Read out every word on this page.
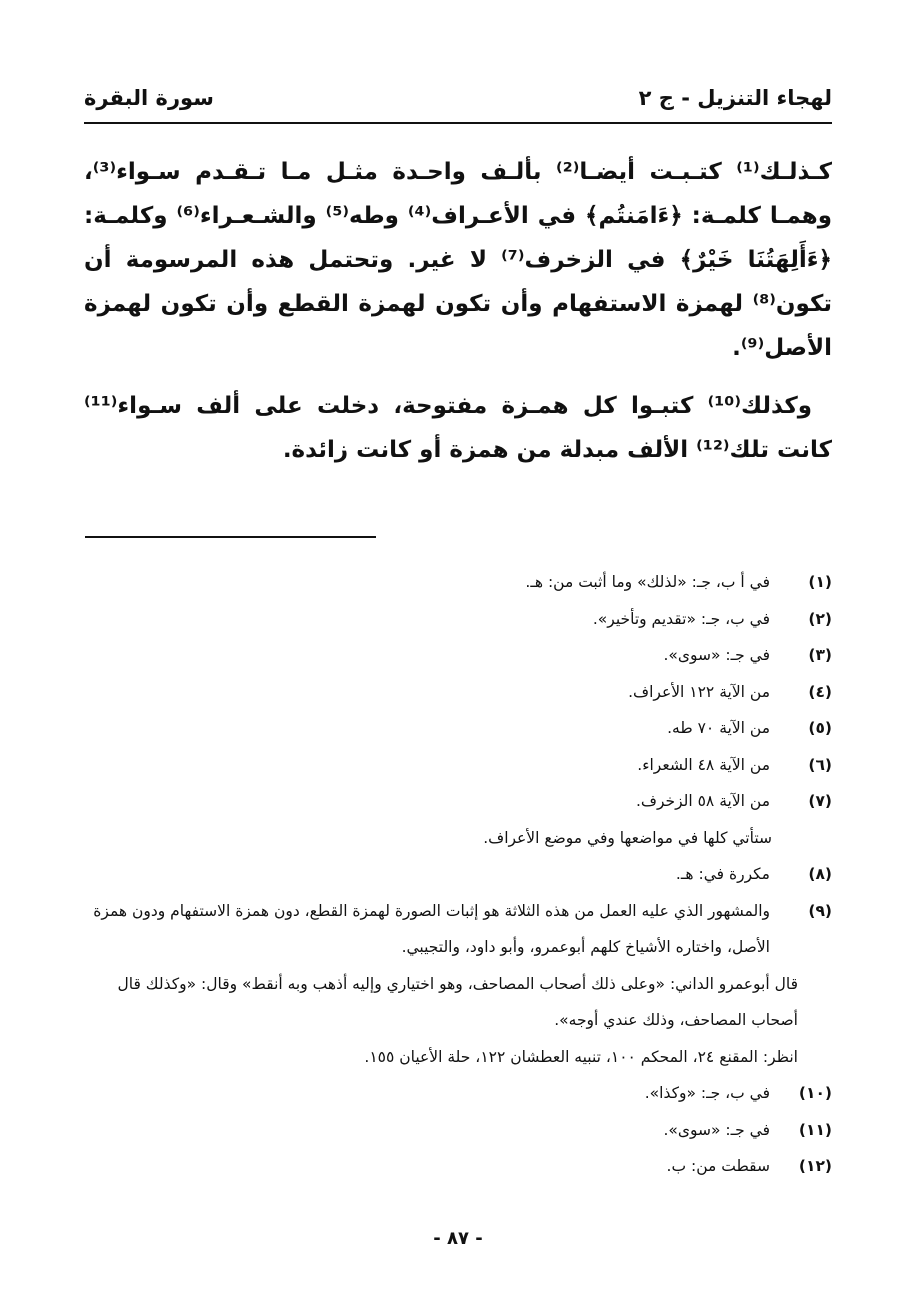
لهجاء التنزيل - ج ٢
سورة البقرة

كـذلـك⁽¹⁾ كتـبـت أيضـا⁽²⁾ بألـف واحـدة مثـل مـا تـقـدم سـواء⁽³⁾، وهمـا كلمـة: ﴿ءَامَنتُم﴾ في الأعـراف⁽⁴⁾ وطه⁽⁵⁾ والشـعـراء⁽⁶⁾ وكلمـة: ﴿ءَأَلِهَتُنَا خَيْرٌ﴾ في الزخرف⁽⁷⁾ لا غير. وتحتمل هذه المرسومة أن تكون⁽⁸⁾ لهمزة الاستفهام وأن تكون لهمزة القطع وأن تكون لهمزة الأصل⁽⁹⁾.

وكذلك⁽¹⁰⁾ كتبـوا كل همـزة مفتوحة، دخلت على ألف سـواء⁽¹¹⁾ كانت تلك⁽¹²⁾ الألف مبدلة من همزة أو كانت زائدة.

(١)
في أ ب، جـ: «لذلك» وما أثبت من: هـ.
(٢)
في ب، جـ: «تقديم وتأخير».
(٣)
في جـ: «سوى».
(٤)
من الآية ١٢٢ الأعراف.
(٥)
من الآية ٧٠ طه.
(٦)
من الآية ٤٨ الشعراء.
(٧)
من الآية ٥٨ الزخرف.
ستأتي كلها في مواضعها وفي موضع الأعراف.
(٨)
مكررة في: هـ.
(٩)
والمشهور الذي عليه العمل من هذه الثلاثة هو إثبات الصورة لهمزة القطع، دون همزة الاستفهام ودون همزة الأصل، واختاره الأشياخ كلهم أبوعمرو، وأبو داود، والتجيبي.
قال أبوعمرو الداني: «وعلى ذلك أصحاب المصاحف، وهو اختياري وإليه أذهب وبه أنقط» وقال: «وكذلك قال أصحاب المصاحف، وذلك عندي أوجه».
انظر: المقنع ٢٤، المحكم ١٠٠، تنبيه العطشان ١٢٢، حلة الأعيان ١٥٥.
(١٠)
في ب، جـ: «وكذا».
(١١)
في جـ: «سوى».
(١٢)
سقطت من: ب.
- ٨٧ -
